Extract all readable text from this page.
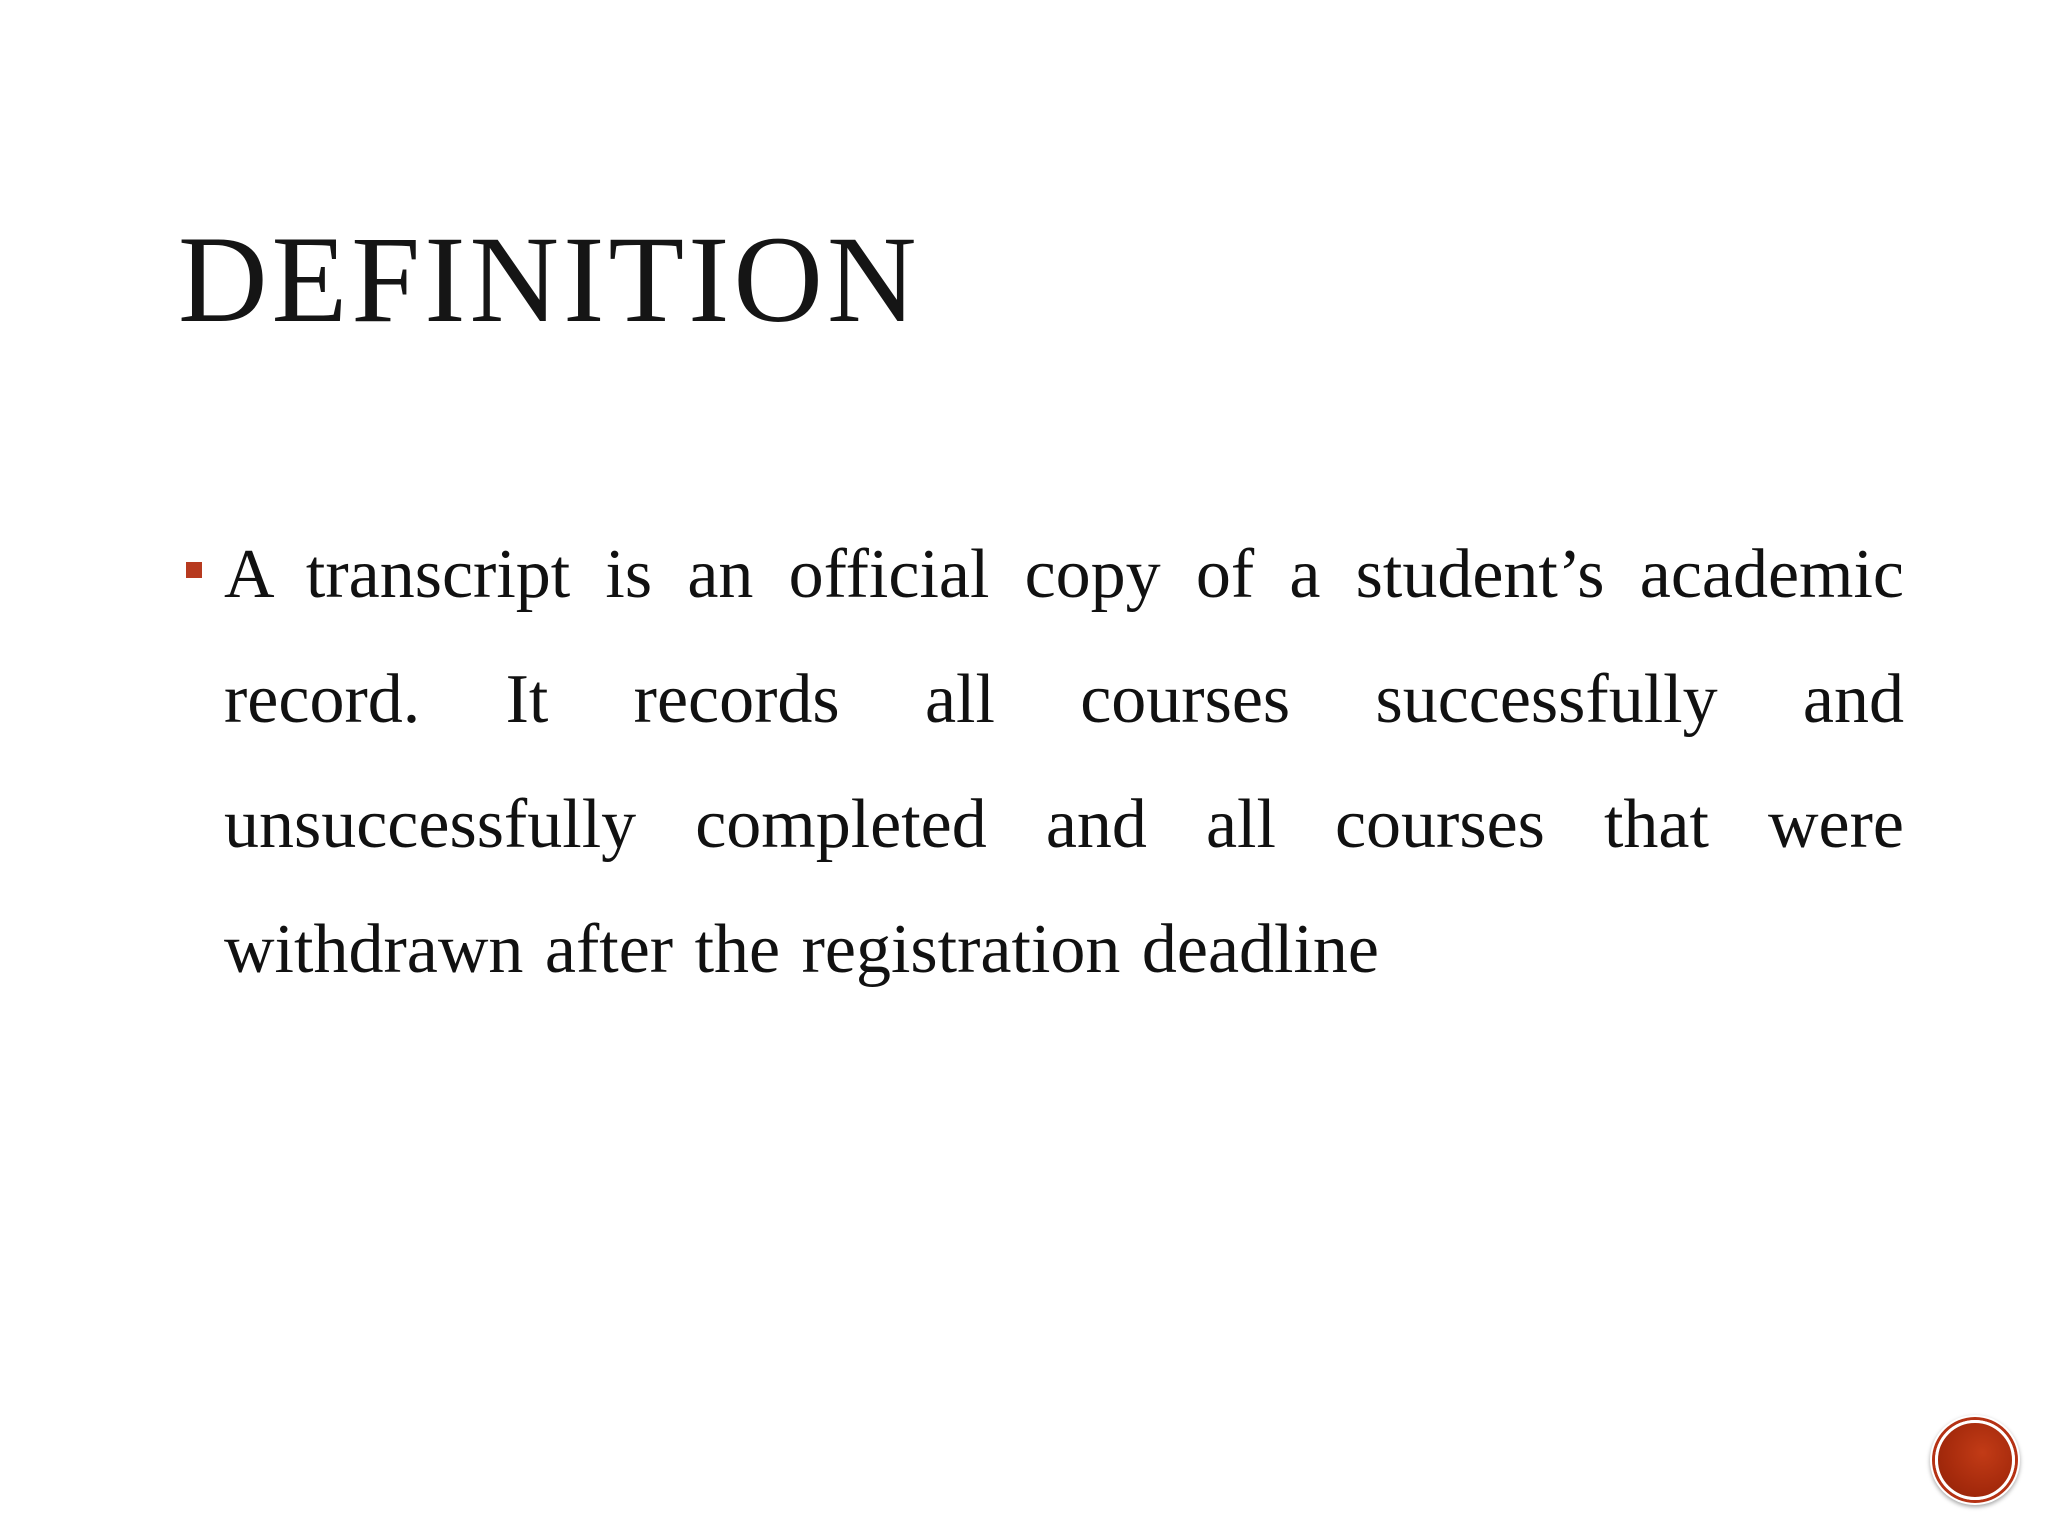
DEFINITION
A transcript is an official copy of a student’s academic record. It records all courses successfully and unsuccessfully completed and all courses that were withdrawn after the registration deadline
